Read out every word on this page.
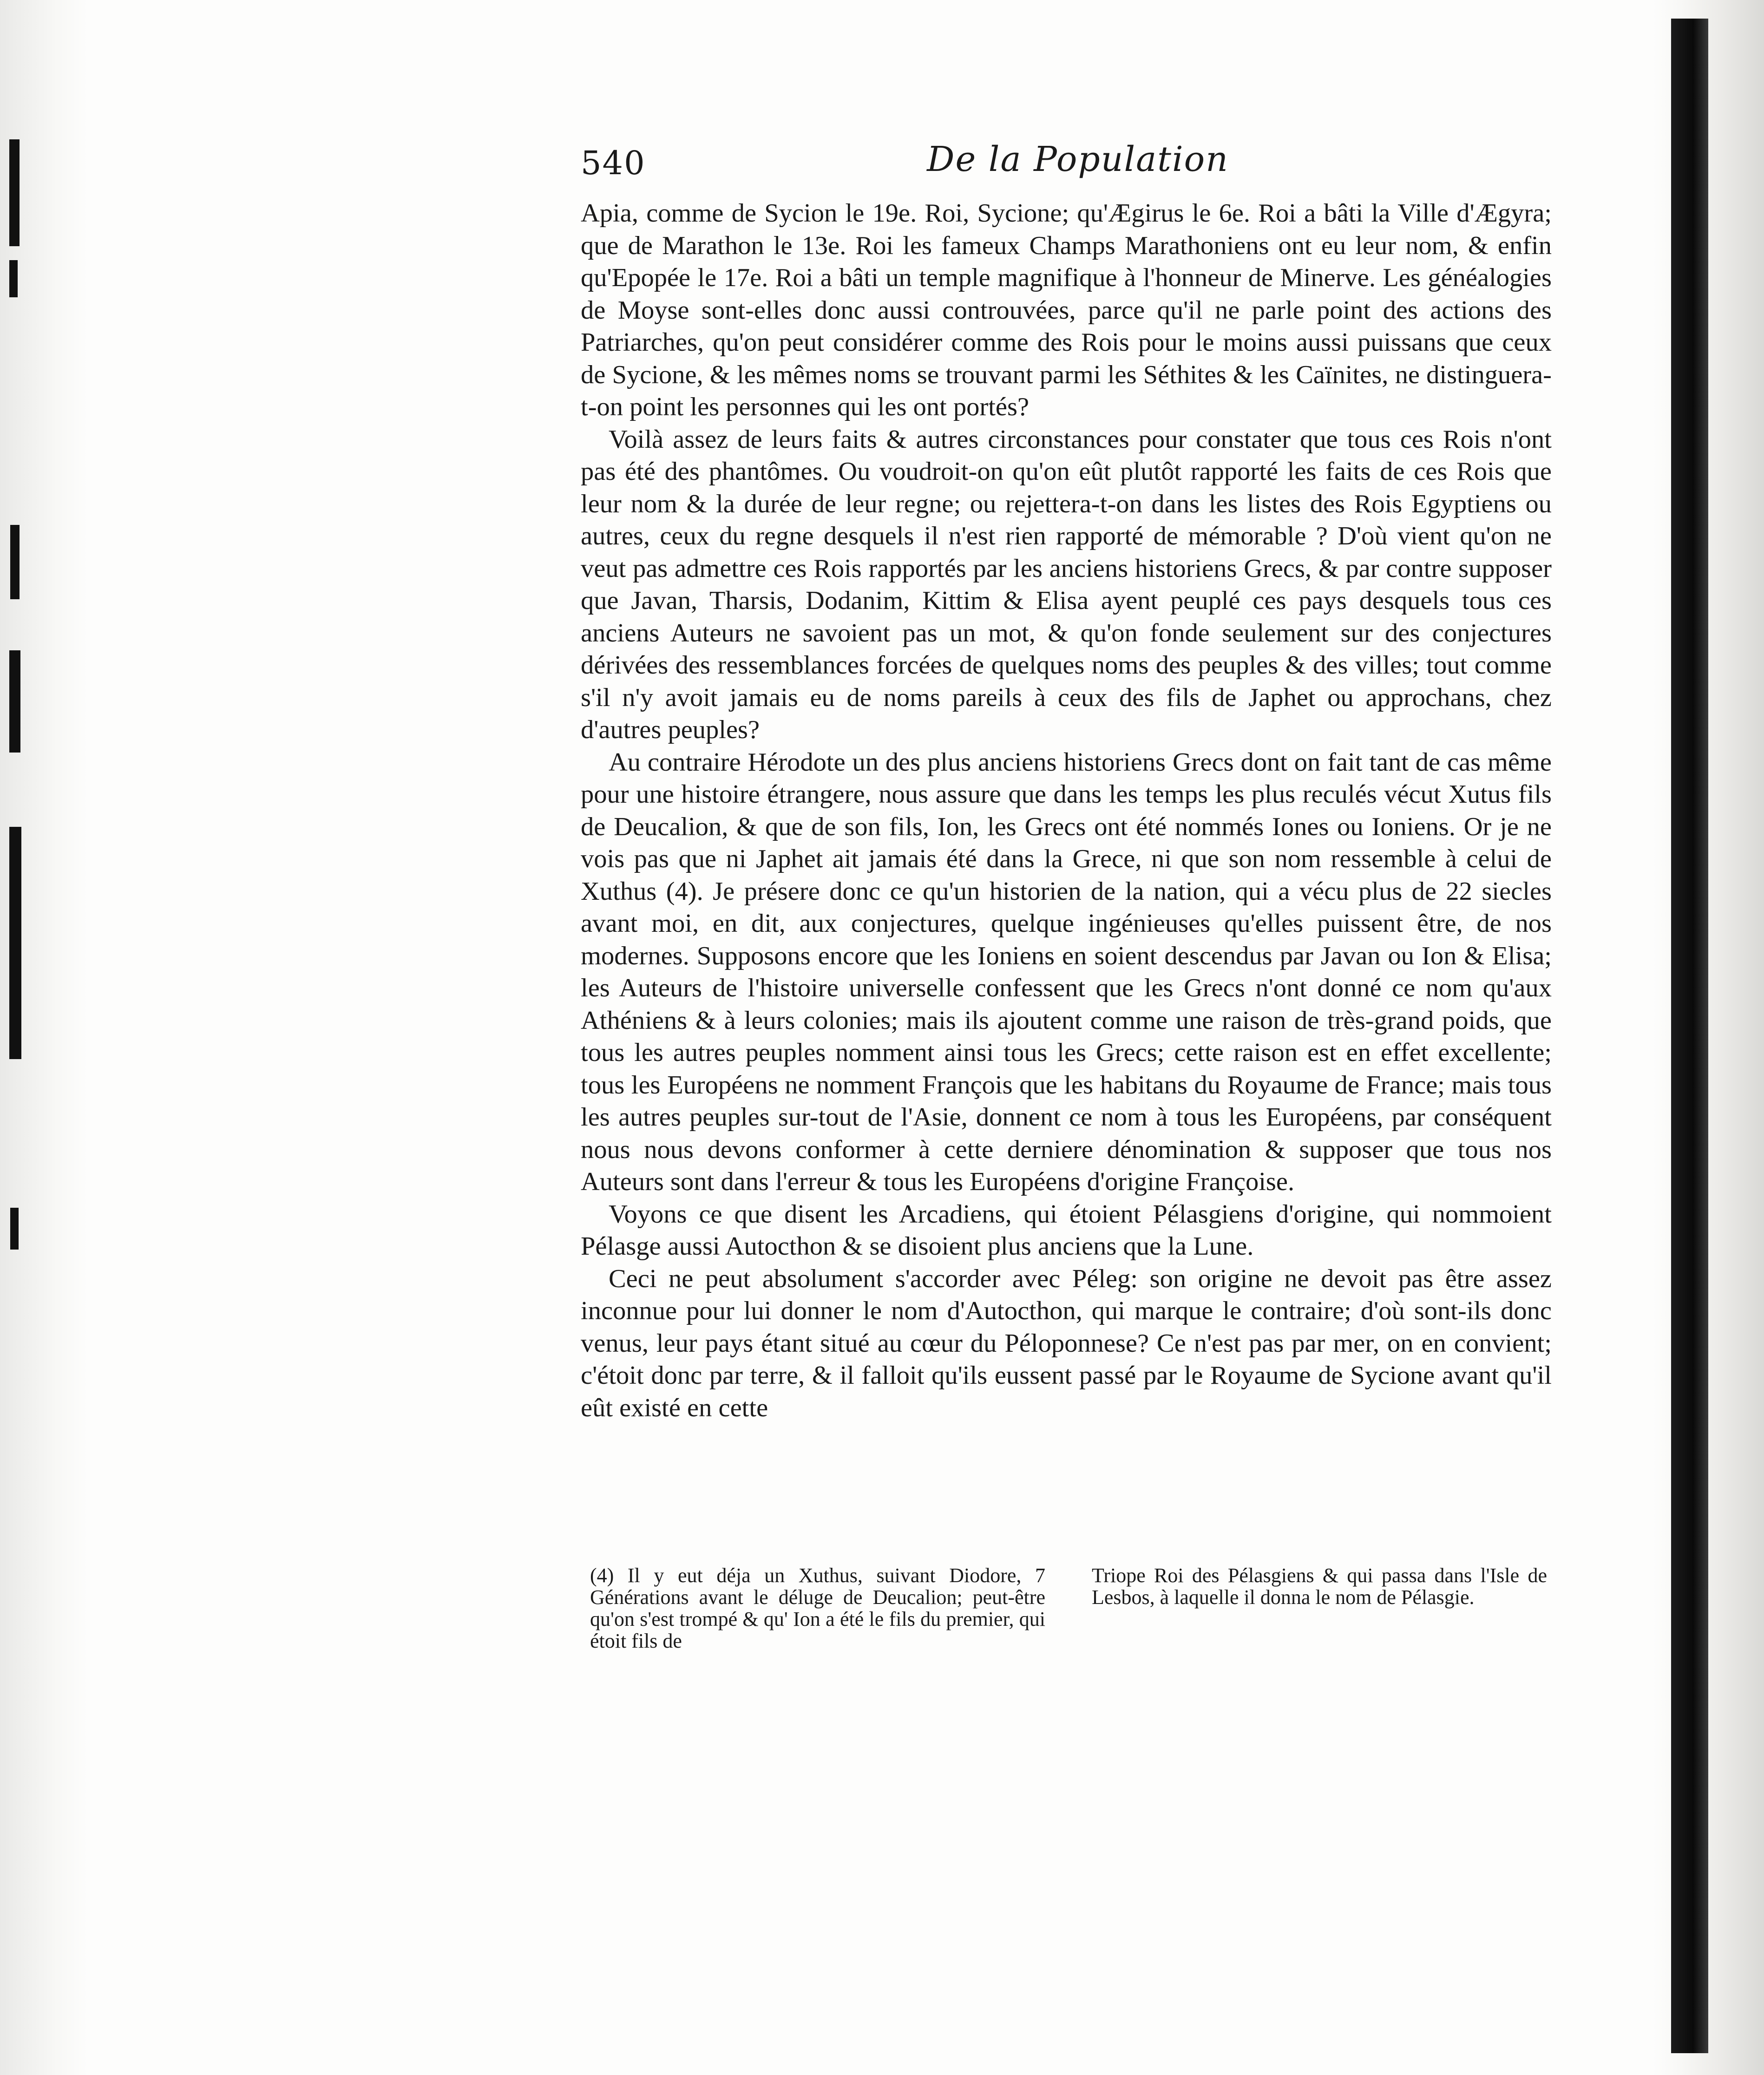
540	De la Population

Apia, comme de Sycion le 19e. Roi, Sycione; qu'Ægirus le 6e. Roi a bâti la Ville d'Ægyra; que de Marathon le 13e. Roi les fameux Champs Marathoniens ont eu leur nom, & enfin qu'Epopée le 17e. Roi a bâti un temple magnifique à l'honneur de Minerve. Les généalogies de Moyse sont-elles donc aussi controuvées, parce qu'il ne parle point des actions des Patriarches, qu'on peut considérer comme des Rois pour le moins aussi puissans que ceux de Sycione, & les mêmes noms se trouvant parmi les Séthites & les Caïnites, ne distinguera-t-on point les personnes qui les ont portés?

Voilà assez de leurs faits & autres circonstances pour constater que tous ces Rois n'ont pas été des phantômes. Ou voudroit-on qu'on eût plutôt rapporté les faits de ces Rois que leur nom & la durée de leur regne; ou rejettera-t-on dans les listes des Rois Egyptiens ou autres, ceux du regne desquels il n'est rien rapporté de mémorable ? D'où vient qu'on ne veut pas admettre ces Rois rapportés par les anciens historiens Grecs, & par contre supposer que Javan, Tharsis, Dodanim, Kittim & Elisa ayent peuplé ces pays desquels tous ces anciens Auteurs ne savoient pas un mot, & qu'on fonde seulement sur des conjectures dérivées des ressemblances forcées de quelques noms des peuples & des villes; tout comme s'il n'y avoit jamais eu de noms pareils à ceux des fils de Japhet ou approchans, chez d'autres peuples?

Au contraire Hérodote un des plus anciens historiens Grecs dont on fait tant de cas même pour une histoire étrangere, nous assure que dans les temps les plus reculés vécut Xutus fils de Deucalion, & que de son fils, Ion, les Grecs ont été nommés Iones ou Ioniens. Or je ne vois pas que ni Japhet ait jamais été dans la Grece, ni que son nom ressemble à celui de Xuthus (4). Je présere donc ce qu'un historien de la nation, qui a vécu plus de 22 siecles avant moi, en dit, aux conjectures, quelque ingénieuses qu'elles puissent être, de nos modernes. Supposons encore que les Ioniens en soient descendus par Javan ou Ion & Elisa; les Auteurs de l'histoire universelle confessent que les Grecs n'ont donné ce nom qu'aux Athéniens & à leurs colonies; mais ils ajoutent comme une raison de très-grand poids, que tous les autres peuples nomment ainsi tous les Grecs; cette raison est en effet excellente; tous les Européens ne nomment François que les habitans du Royaume de France; mais tous les autres peuples sur-tout de l'Asie, donnent ce nom à tous les Européens, par conséquent nous nous devons conformer à cette derniere dénomination & supposer que tous nos Auteurs sont dans l'erreur & tous les Européens d'origine Françoise.

Voyons ce que disent les Arcadiens, qui étoient Pélasgiens d'origine, qui nommoient Pélasge aussi Autocthon & se disoient plus anciens que la Lune.

Ceci ne peut absolument s'accorder avec Péleg: son origine ne devoit pas être assez inconnue pour lui donner le nom d'Autocthon, qui marque le contraire; d'où sont-ils donc venus, leur pays étant situé au cœur du Péloponnese? Ce n'est pas par mer, on en convient; c'étoit donc par terre, & il falloit qu'ils eussent passé par le Royaume de Sycione avant qu'il eût existé en cette

(4) Il y eut déja un Xuthus, suivant Diodore, 7 Générations avant le déluge de Deucalion; peut-être qu'on s'est trompé & qu' Ion a été le fils du premier, qui étoit fils de
Triope Roi des Pélasgiens & qui passa dans l'Isle de Lesbos, à laquelle il donna le nom de Pélasgie.
